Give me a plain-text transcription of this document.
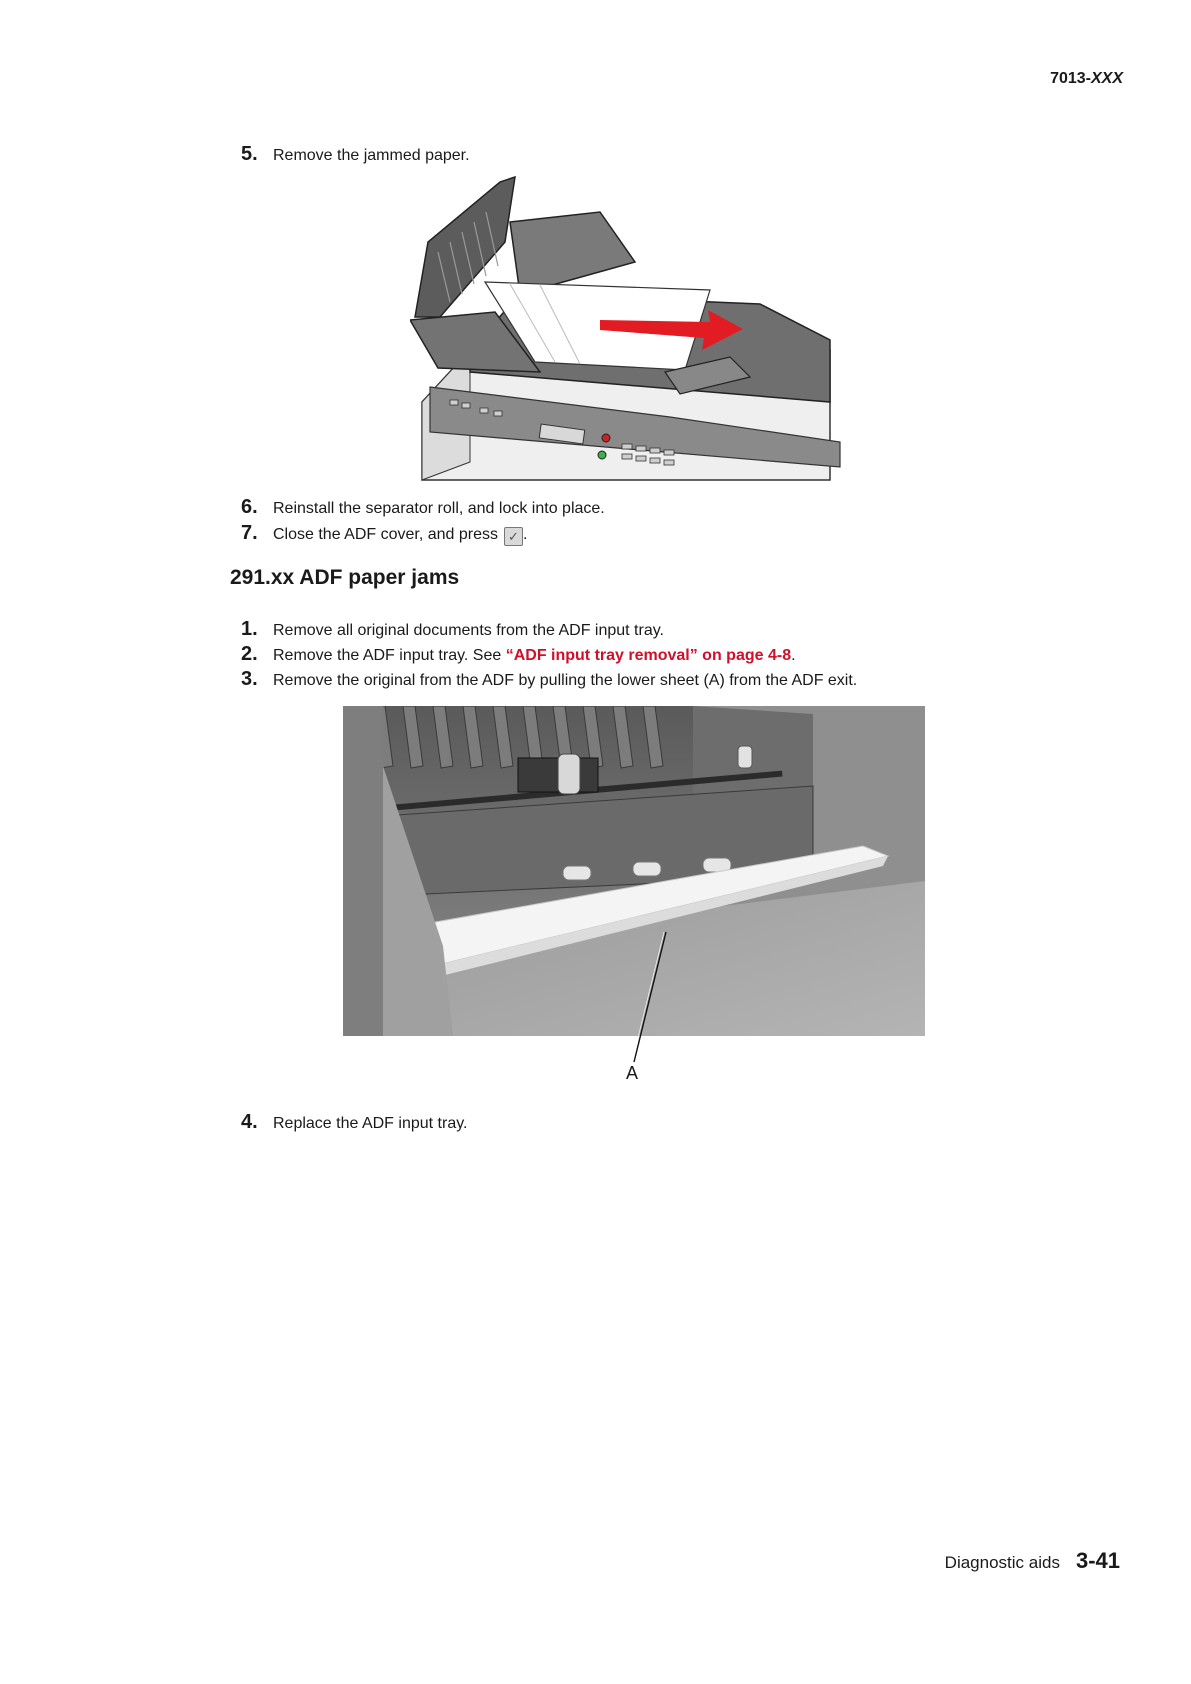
7013-XXX
5. Remove the jammed paper.
6. Reinstall the separator roll, and lock into place.
7. Close the ADF cover, and press ✓ .
291.xx ADF paper jams
1. Remove all original documents from the ADF input tray.
2. Remove the ADF input tray. See “ADF input tray removal” on page 4-8 .
3. Remove the original from the ADF by pulling the lower sheet (A) from the ADF exit.
A
4. Replace the ADF input tray.
Diagnostic aids 3-41
